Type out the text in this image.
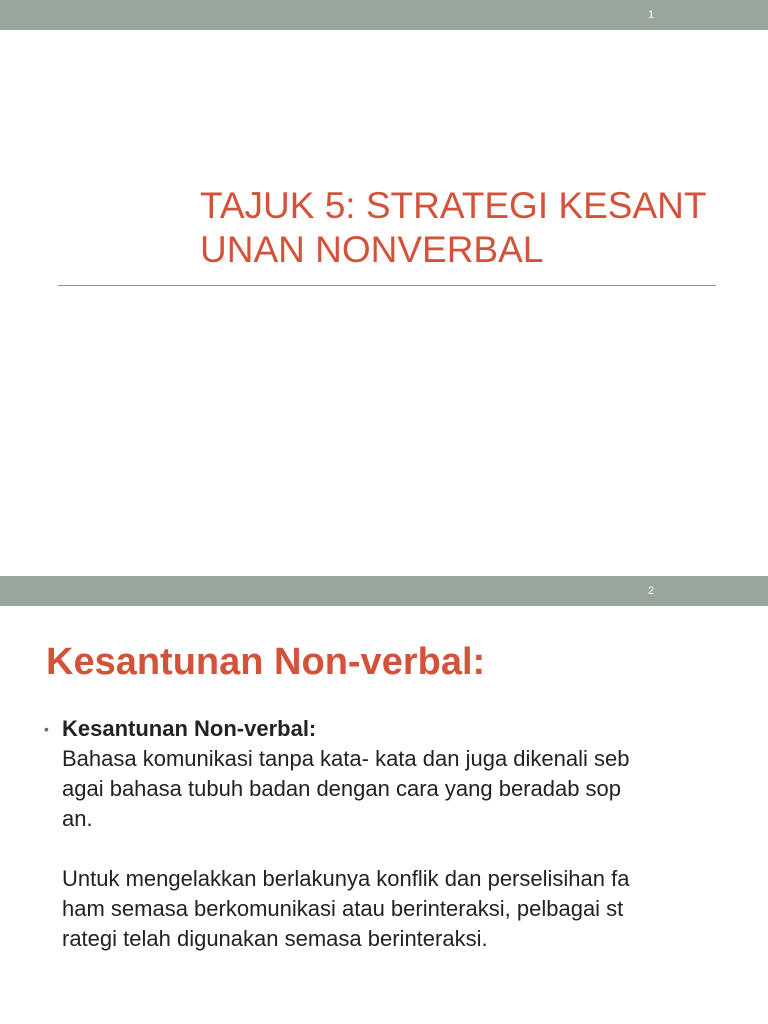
1
TAJUK 5: STRATEGI KESANT
UNAN NONVERBAL
2
Kesantunan Non-verbal:
• Kesantunan Non-verbal:
Bahasa komunikasi tanpa kata- kata dan juga dikenali seb
agai bahasa tubuh badan dengan cara yang beradab sop
an.
Untuk mengelakkan berlakunya konflik dan perselisihan fa
ham semasa berkomunikasi atau berinteraksi, pelbagai st
rategi telah digunakan semasa berinteraksi.
